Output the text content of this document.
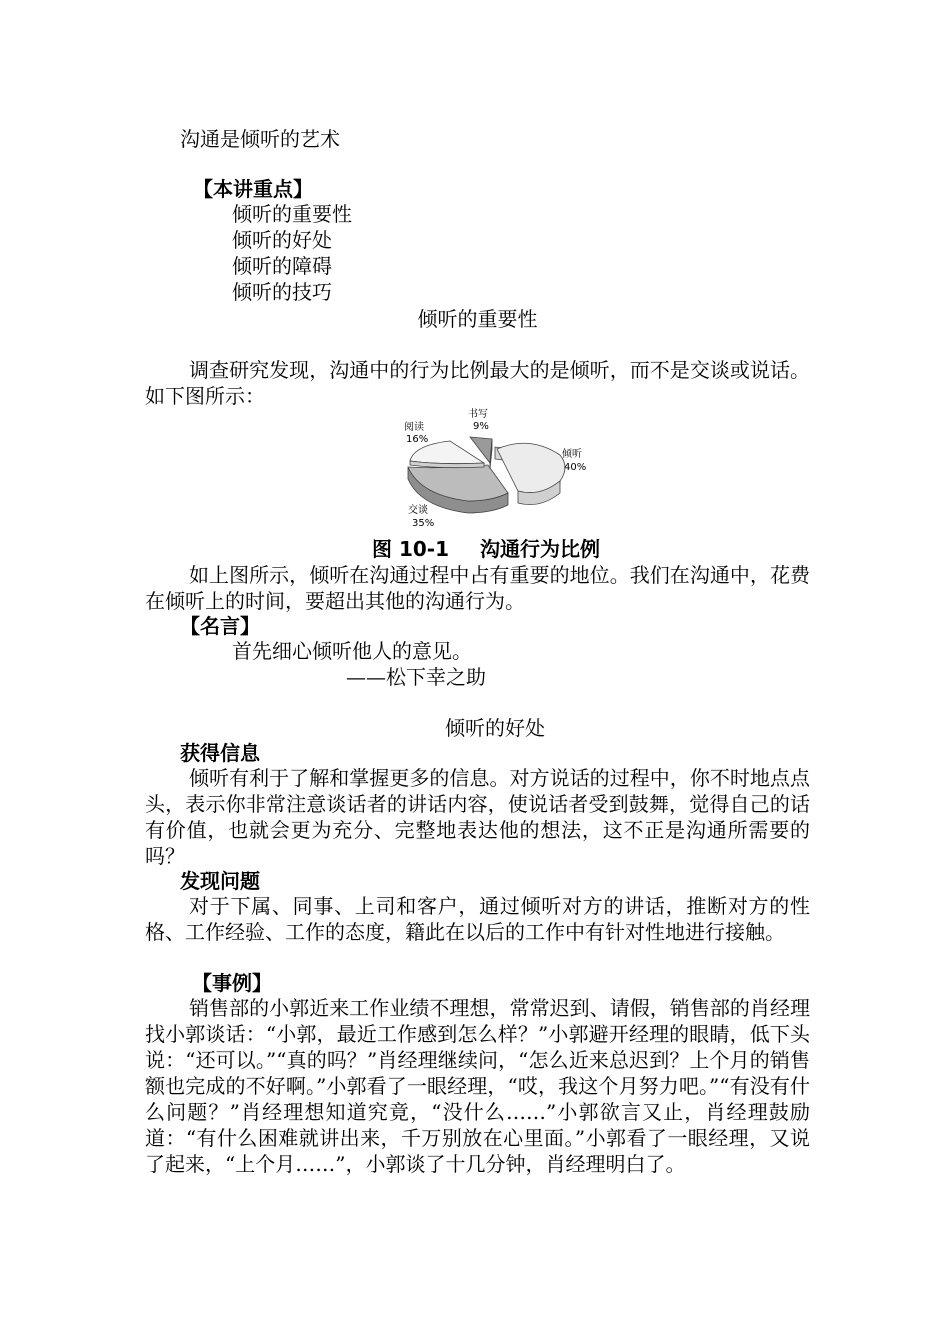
沟通是倾听的艺术
【本讲重点】
倾听的重要性
倾听的好处
倾听的障碍
倾听的技巧
倾听的重要性
调查研究发现，沟通中的行为比例最大的是倾听，而不是交谈或说话。如下图所示：
书写
9%
阅读
16%
倾听
40%
交谈
35%
图 10-1 沟通行为比例
如上图所示，倾听在沟通过程中占有重要的地位。我们在沟通中，花费在倾听上的时间，要超出其他的沟通行为。
【名言】
首先细心倾听他人的意见。
——松下幸之助
倾听的好处
获得信息
倾听有利于了解和掌握更多的信息。对方说话的过程中，你不时地点点头，表示你非常注意谈话者的讲话内容，使说话者受到鼓舞，觉得自己的话有价值，也就会更为充分、完整地表达他的想法，这不正是沟通所需要的吗？
发现问题
对于下属、同事、上司和客户，通过倾听对方的讲话，推断对方的性格、工作经验、工作的态度，籍此在以后的工作中有针对性地进行接触。
【事例】
销售部的小郭近来工作业绩不理想，常常迟到、请假，销售部的肖经理找小郭谈话：“小郭，最近工作感到怎么样？”小郭避开经理的眼睛，低下头说：“还可以。”“真的吗？”肖经理继续问，“怎么近来总迟到？上个月的销售额也完成的不好啊。”小郭看了一眼经理，“哎，我这个月努力吧。”“有没有什么问题？”肖经理想知道究竟，“没什么……”小郭欲言又止，肖经理鼓励道：“有什么困难就讲出来，千万别放在心里面。”小郭看了一眼经理，又说了起来，“上个月……”，小郭谈了十几分钟，肖经理明白了。
